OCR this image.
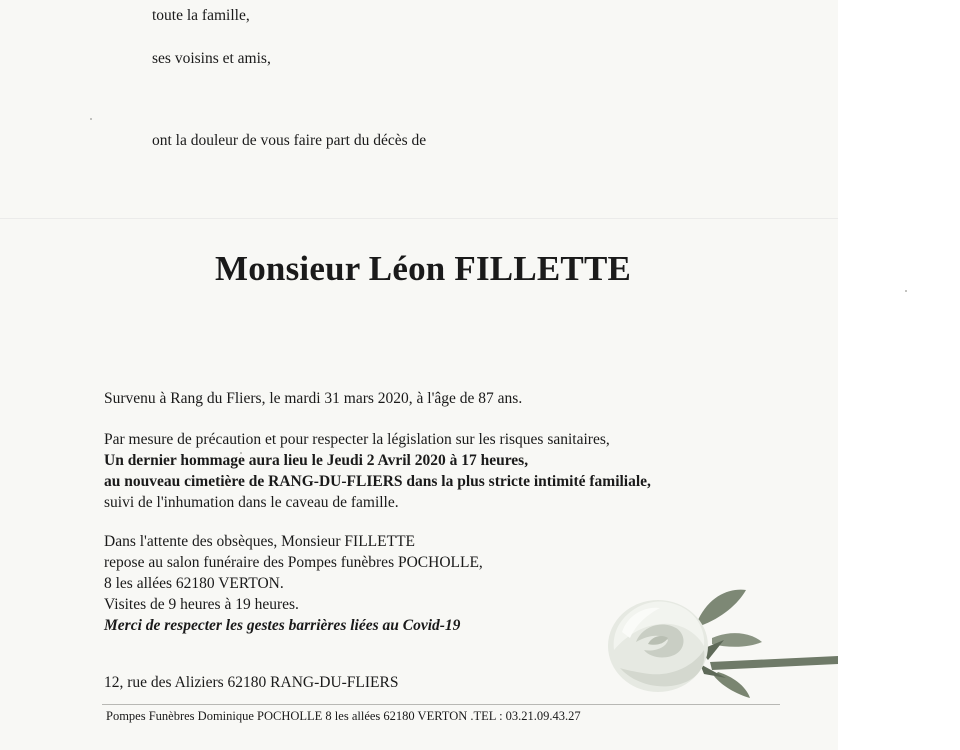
toute la famille,
ses voisins et amis,
ont la douleur de vous faire part du décès de
Monsieur Léon FILLETTE
Survenu à Rang du Fliers, le mardi 31 mars 2020, à l'âge de 87 ans.
Par mesure de précaution et pour respecter la législation sur les risques sanitaires,
Un dernier hommage aura lieu le Jeudi 2 Avril 2020 à 17 heures,
au nouveau cimetière de RANG-DU-FLIERS dans la plus stricte intimité familiale,
suivi de l'inhumation dans le caveau de famille.
Dans l'attente des obsèques, Monsieur FILLETTE
repose au salon funéraire des Pompes funèbres POCHOLLE,
8 les allées 62180 VERTON.
Visites de 9 heures à 19 heures.
Merci de respecter les gestes barrières liées au Covid-19
12, rue des Aliziers 62180 RANG-DU-FLIERS
Pompes Funèbres Dominique POCHOLLE 8 les allées 62180 VERTON .TEL : 03.21.09.43.27
